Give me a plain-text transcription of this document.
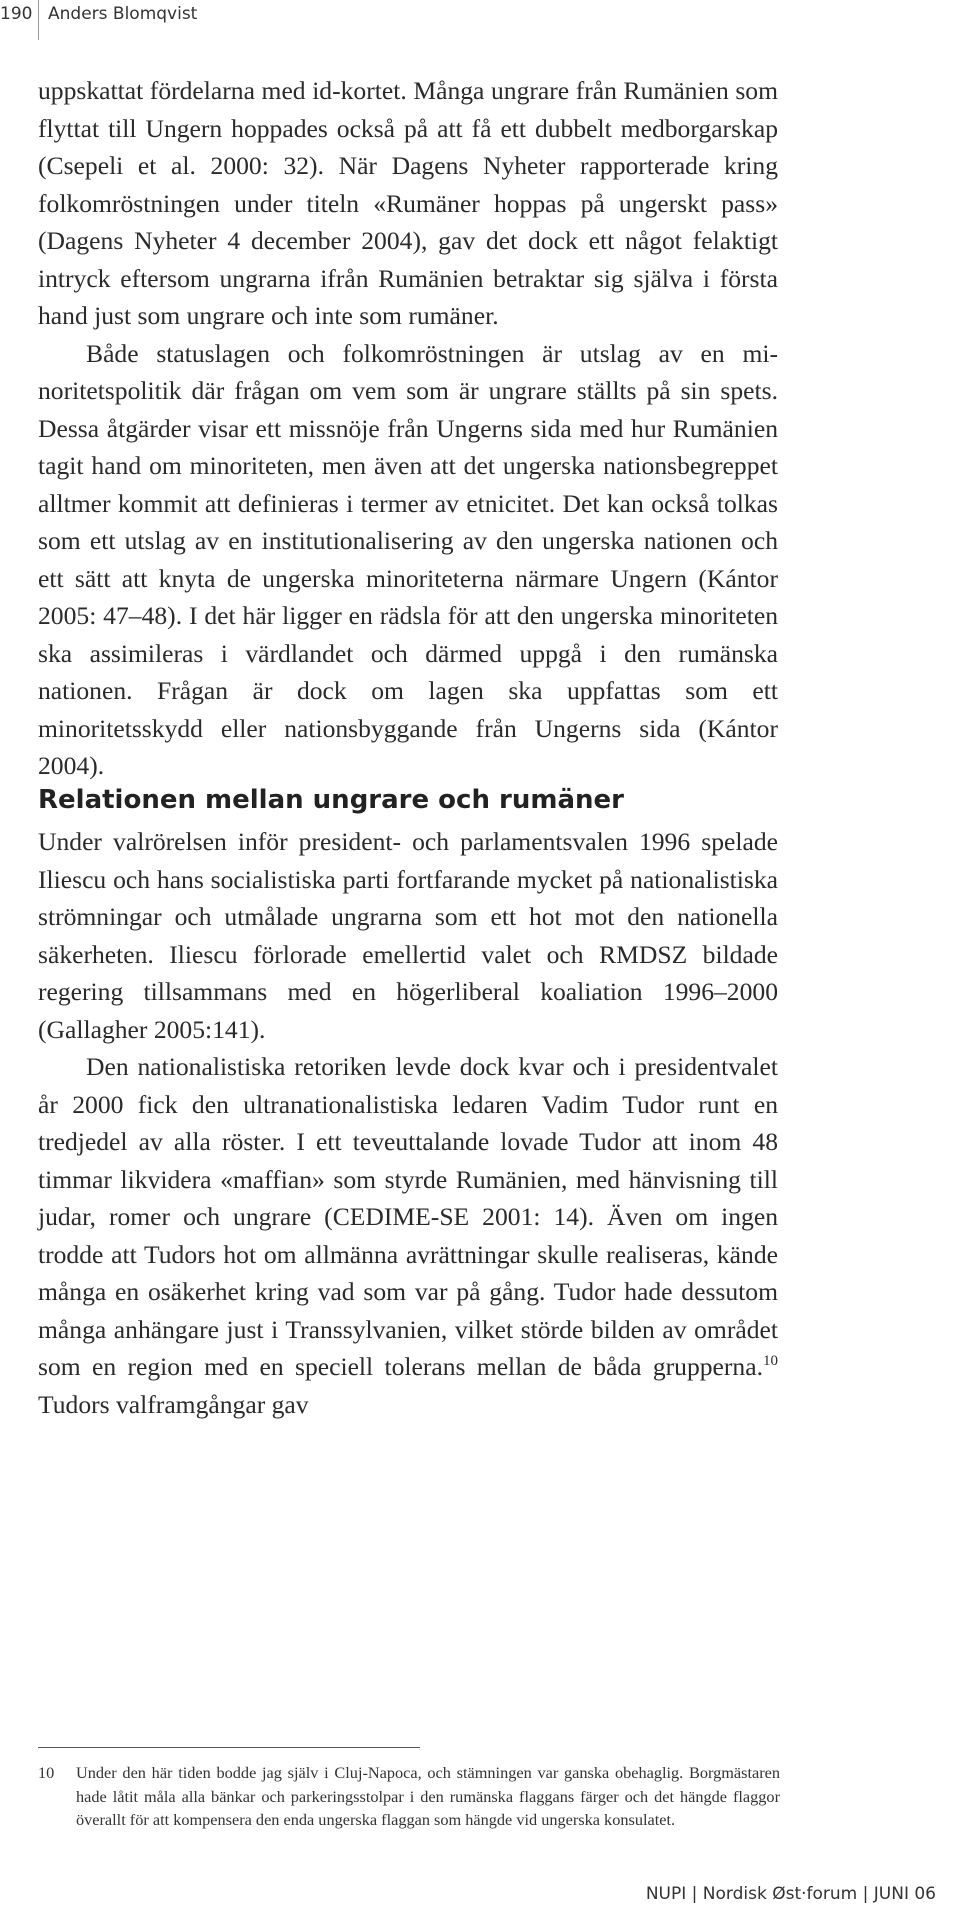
190 Anders Blomqvist

uppskattat fördelarna med id-kortet. Många ungrare från Rumänien som flyttat till Ungern hoppades också på att få ett dubbelt medborgarskap (Csepeli et al. 2000: 32). När Dagens Nyheter rapporterade kring folkomröstningen under titeln «Rumäner hoppas på ungerskt pass» (Dagens Nyheter 4 december 2004), gav det dock ett något felaktigt intryck eftersom ungrarna ifrån Rumänien betraktar sig själva i första hand just som ungrare och inte som rumäner.

Både statuslagen och folkomröstningen är utslag av en minoritetspolitik där frågan om vem som är ungrare ställts på sin spets. Dessa åtgärder visar ett missnöje från Ungerns sida med hur Rumänien tagit hand om minoriteten, men även att det ungerska nationsbegreppet alltmer kommit att definieras i termer av etnicitet. Det kan också tolkas som ett utslag av en institutionalisering av den ungerska nationen och ett sätt att knyta de ungerska minoriteterna närmare Ungern (Kántor 2005: 47–48). I det här ligger en rädsla för att den ungerska minoriteten ska assimileras i värdlandet och därmed uppgå i den rumänska nationen. Frågan är dock om lagen ska uppfattas som ett minoritetsskydd eller nationsbyggande från Ungerns sida (Kántor 2004).

Relationen mellan ungrare och rumäner

Under valrörelsen inför president- och parlamentsvalen 1996 spelade Iliescu och hans socialistiska parti fortfarande mycket på nationalistiska strömningar och utmålade ungrarna som ett hot mot den nationella säkerheten. Iliescu förlorade emellertid valet och RMDSZ bildade regering tillsammans med en högerliberal koaliation 1996–2000 (Gallagher 2005:141).

Den nationalistiska retoriken levde dock kvar och i presidentvalet år 2000 fick den ultranationalistiska ledaren Vadim Tudor runt en tredjedel av alla röster. I ett teveuttalande lovade Tudor att inom 48 timmar likvidera «maffian» som styrde Rumänien, med hänvisning till judar, romer och ungrare (CEDIME-SE 2001: 14). Även om ingen trodde att Tudors hot om allmänna avrättningar skulle realiseras, kände många en osäkerhet kring vad som var på gång. Tudor hade dessutom många anhängare just i Transsylvanien, vilket störde bilden av området som en region med en speciell tolerans mellan de båda grupperna.$^{10}$ Tudors valframgångar gav

10 Under den här tiden bodde jag själv i Cluj-Napoca, och stämningen var ganska obehaglig. Borgmästaren hade låtit måla alla bänkar och parkeringsstolpar i den rumänska flaggans färger och det hängde flaggor överallt för att kompensera den enda ungerska flaggan som hängde vid ungerska konsulatet.
NUPI | Nordisk Øst·forum | JUNI 06
